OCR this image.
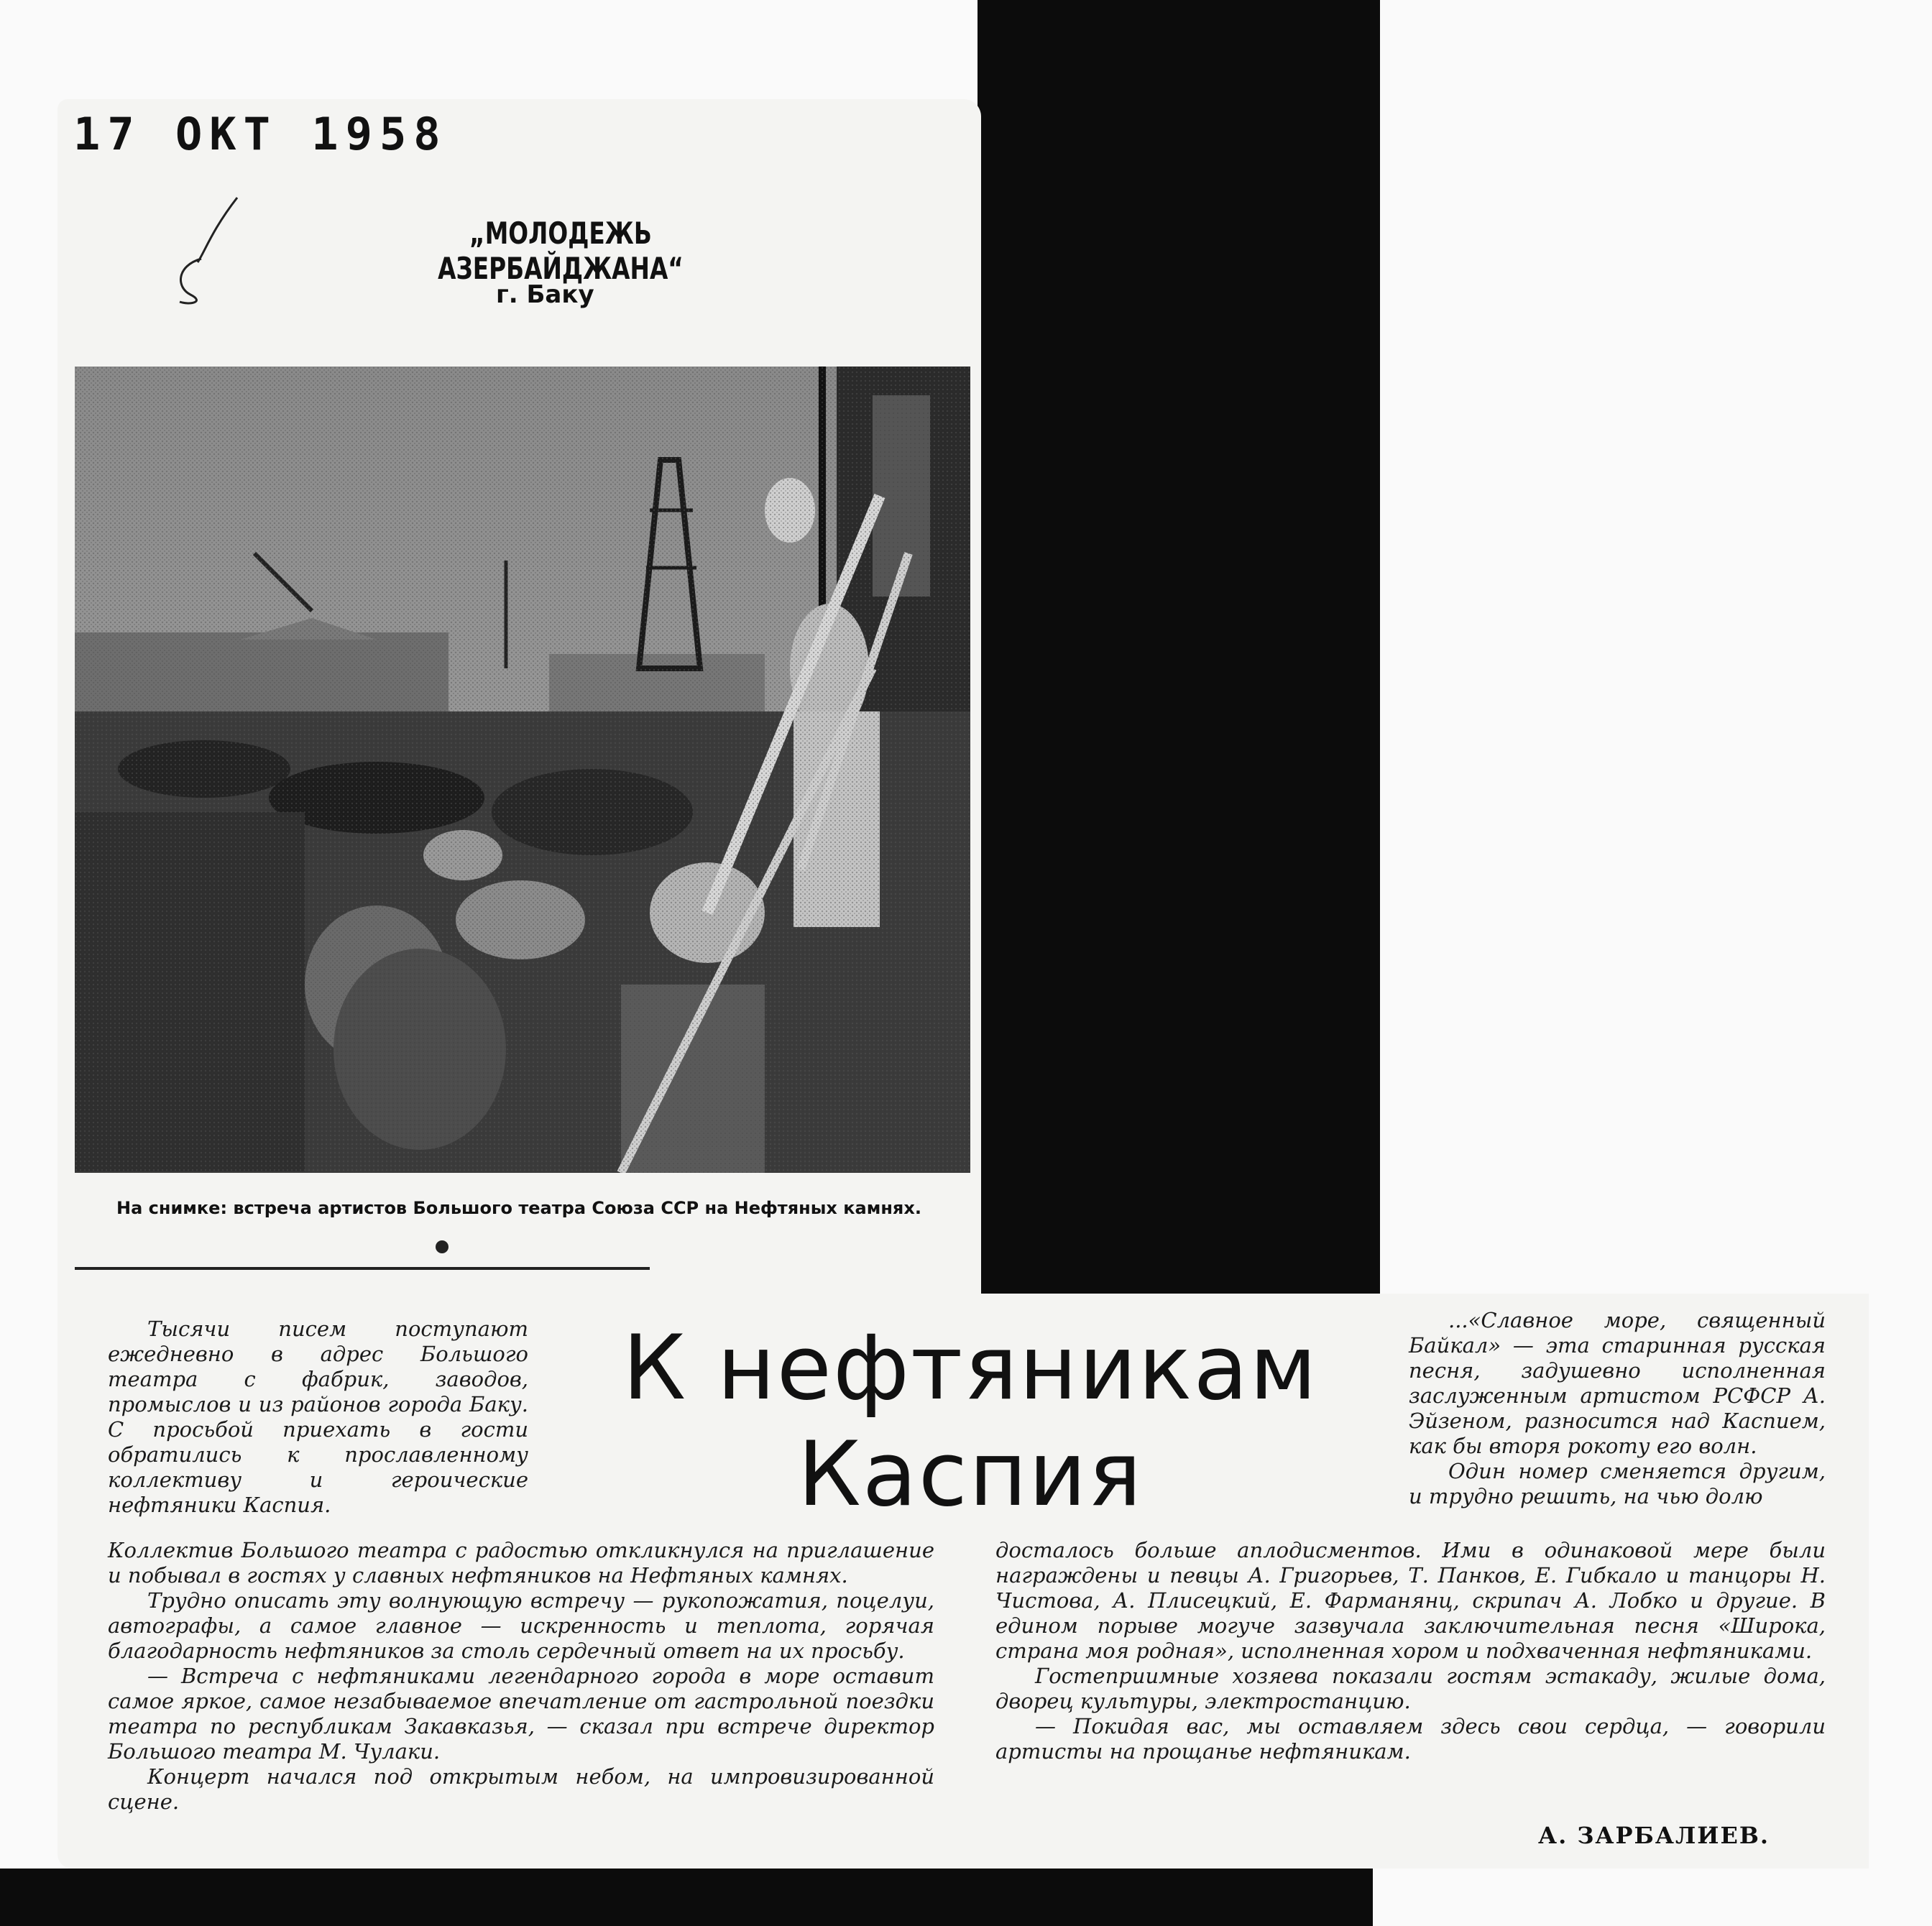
17 ОКТ 1958
„МОЛОДЕЖЬ АЗЕРБАЙДЖАНА“
г. Баку
На снимке: встреча артистов Большого театра Союза ССР на Нефтяных камнях.
К нефтяникам
Каспия

Тысячи писем поступают ежедневно в адрес Большого театра с фабрик, заводов, промыслов и из районов города Баку. С просьбой приехать в гости обратились к прославленному коллективу и героические нефтяники Каспия.

Коллектив Большого театра с радостью откликнулся на приглашение и побывал в гостях у славных нефтяников на Нефтяных камнях.

Трудно описать эту волнующую встречу — рукопожатия, поцелуи, автографы, а самое главное — искренность и теплота, горячая благодарность нефтяников за столь сердечный ответ на их просьбу.

— Встреча с нефтяниками легендарного города в море оставит самое яркое, самое незабываемое впечатление от гастрольной поездки театра по республикам Закавказья, — сказал при встрече директор Большого театра М. Чулаки.

Концерт начался под открытым небом, на импровизированной сцене.

...«Славное море, священный Байкал» — эта старинная русская песня, задушевно исполненная заслуженным артистом РСФСР А. Эйзеном, разносится над Каспием, как бы вторя рокоту его волн.

Один номер сменяется другим, и трудно решить, на чью долю

досталось больше аплодисментов. Ими в одинаковой мере были награждены и певцы А. Григорьев, Т. Панков, Е. Гибкало и танцоры Н. Чистова, А. Плисецкий, Е. Фарманянц, скрипач А. Лобко и другие. В едином порыве могуче зазвучала заключительная песня «Широка, страна моя родная», исполненная хором и подхваченная нефтяниками.

Гостеприимные хозяева показали гостям эстакаду, жилые дома, дворец культуры, электростанцию.

— Покидая вас, мы оставляем здесь свои сердца, — говорили артисты на прощанье нефтяникам.

А. ЗАРБАЛИЕВ.
